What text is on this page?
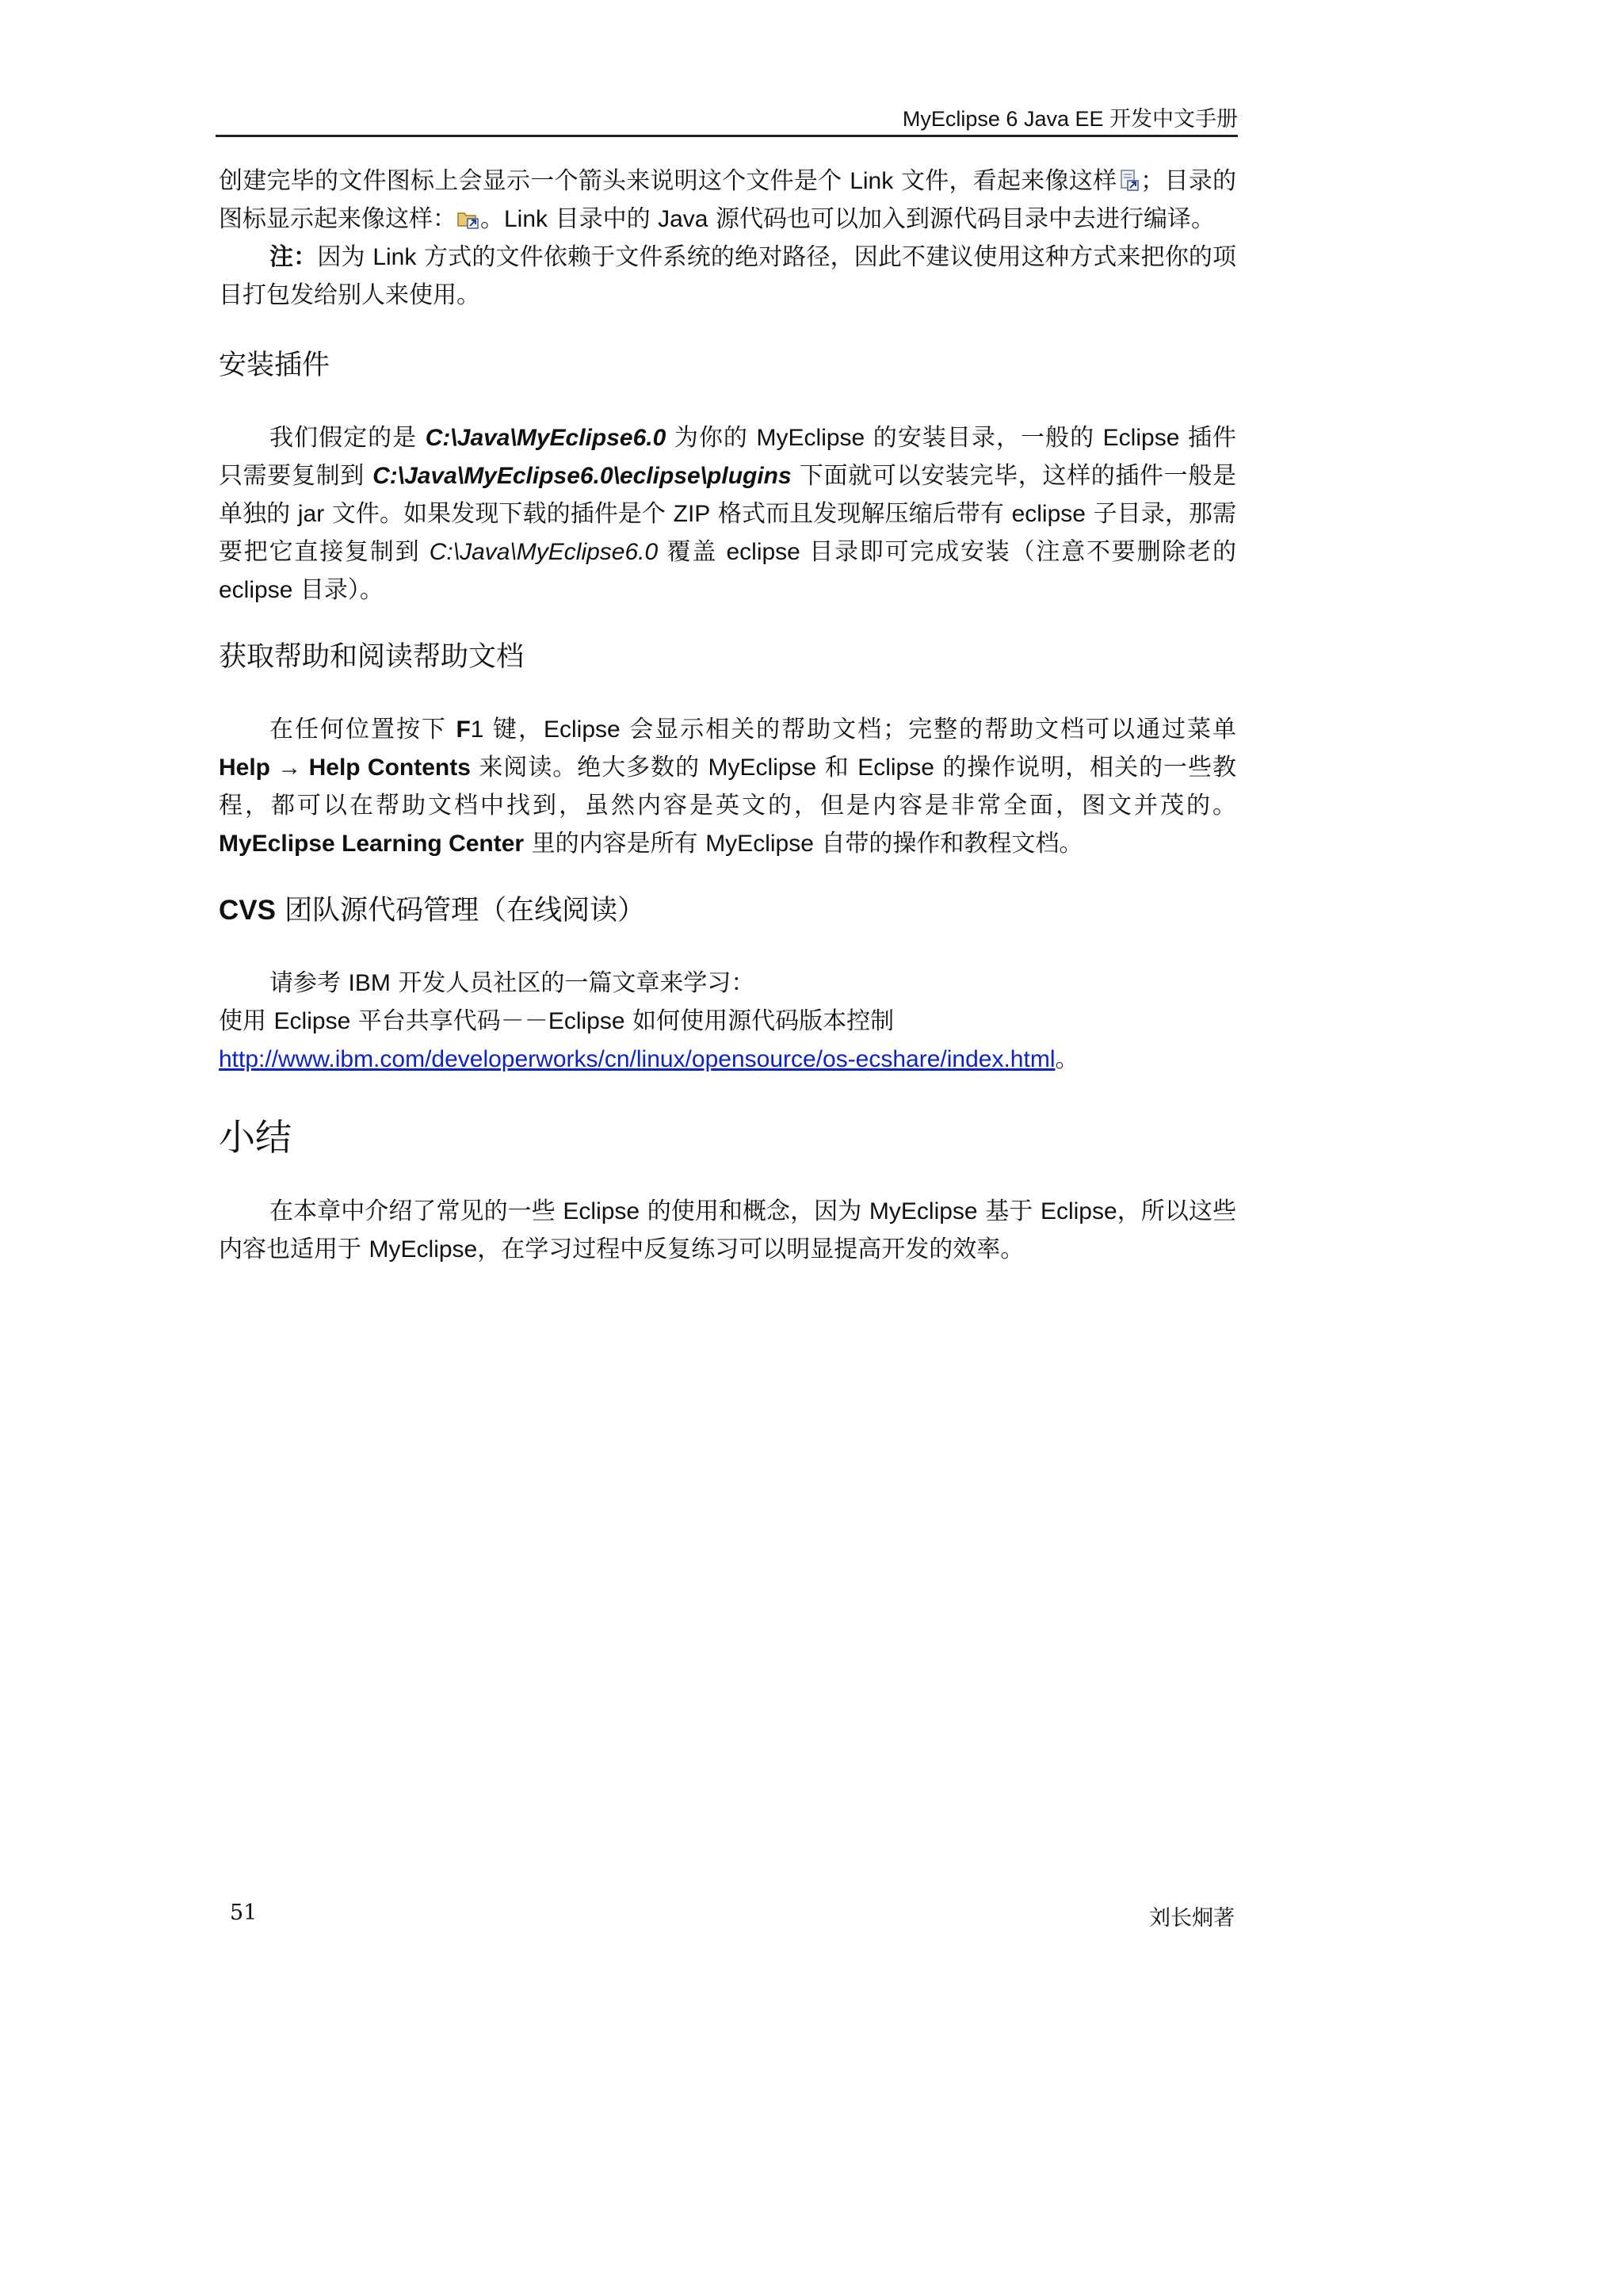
MyEclipse 6 Java EE 开发中文手册

创建完毕的文件图标上会显示一个箭头来说明这个文件是个 Link 文件，看起来像这样 ；目录的图标显示起来像这样： 。Link 目录中的 Java 源代码也可以加入到源代码目录中去进行编译。

注：因为 Link 方式的文件依赖于文件系统的绝对路径，因此不建议使用这种方式来把你的项目打包发给别人来使用。

安装插件

我们假定的是 C:\Java\MyEclipse6.0 为你的 MyEclipse 的安装目录，一般的 Eclipse 插件只需要复制到 C:\Java\MyEclipse6.0\eclipse\plugins 下面就可以安装完毕，这样的插件一般是单独的 jar 文件。如果发现下载的插件是个 ZIP 格式而且发现解压缩后带有 eclipse 子目录，那需要把它直接复制到 C:\Java\MyEclipse6.0 覆盖 eclipse 目录即可完成安装（注意不要删除老的 eclipse 目录）。

获取帮助和阅读帮助文档

在任何位置按下 F1 键，Eclipse 会显示相关的帮助文档；完整的帮助文档可以通过菜单 Help → Help Contents 来阅读。绝大多数的 MyEclipse 和 Eclipse 的操作说明，相关的一些教程，都可以在帮助文档中找到，虽然内容是英文的，但是内容是非常全面，图文并茂的。MyEclipse Learning Center 里的内容是所有 MyEclipse 自带的操作和教程文档。

CVS 团队源代码管理（在线阅读）

请参考 IBM 开发人员社区的一篇文章来学习：

使用 Eclipse 平台共享代码－－Eclipse 如何使用源代码版本控制

http://www.ibm.com/developerworks/cn/linux/opensource/os-ecshare/index.html。

小结

在本章中介绍了常见的一些 Eclipse 的使用和概念，因为 MyEclipse 基于 Eclipse，所以这些内容也适用于 MyEclipse，在学习过程中反复练习可以明显提高开发的效率。

51	刘长炯著
